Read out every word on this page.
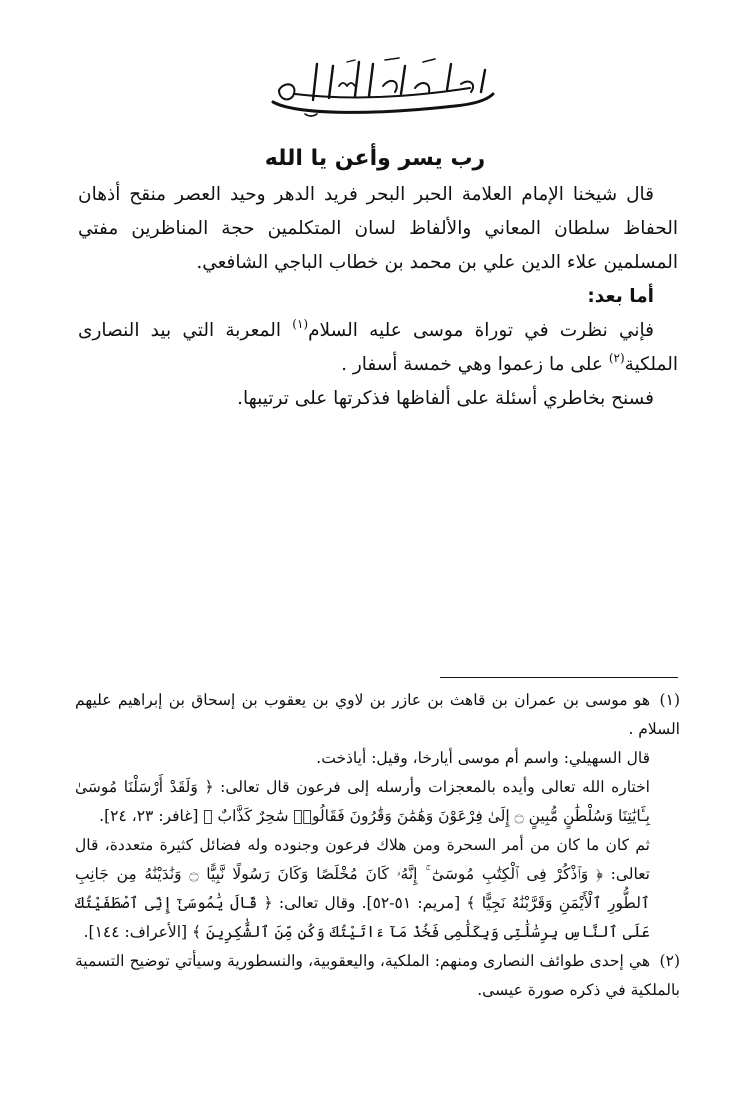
رب يسر وأعن يا الله

قال شيخنا الإمام العلامة الحبر البحر فريد الدهر وحيد العصر منقح أذهان الحفاظ سلطان المعاني والألفاظ لسان المتكلمين حجة المناظرين مفتي المسلمين علاء الدين علي بن محمد بن خطاب الباجي الشافعي.

أما بعد:

فإني نظرت في توراة موسى عليه السلام$^{(١)}$ المعربة التي بيد النصارى الملكية$^{(٢)}$ على ما زعموا وهي خمسة أسفار .

فسنح بخاطري أسئلة على ألفاظها فذكرتها على ترتيبها.

(١)هو موسى بن عمران بن قاهث بن عازر بن لاوي بن يعقوب بن إسحاق بن إبراهيم عليهم السلام .

قال السهيلي: واسم أم موسى أيارخا، وقيل: أياذخت.

اختاره الله تعالى وأيده بالمعجزات وأرسله إلى فرعون قال تعالى: ﴿ وَلَقَدْ أَرْسَلْنَا مُوسَىٰ بِـَٔايَٰتِنَا وَسُلْطَٰنٍ مُّبِينٍ ۝ إِلَىٰ فِرْعَوْنَ وَهَٰمَٰنَ وَقَٰرُونَ فَقَالُوا۟ سَٰحِرٌ كَذَّابٌ ﴾ [غافر: ٢٣، ٢٤].

ثم كان ما كان من أمر السحرة ومن هلاك فرعون وجنوده وله فضائل كثيرة متعددة، قال تعالى: ﴿ وَٱذْكُرْ فِى ٱلْكِتَٰبِ مُوسَىٰٓ ۚ إِنَّهُۥ كَانَ مُخْلَصًا وَكَانَ رَسُولًا نَّبِيًّا ۝ وَنَٰدَيْنَٰهُ مِن جَانِبِ ٱلطُّورِ ٱلْأَيْمَنِ وَقَرَّبْنَٰهُ نَجِيًّا ﴾ [مريم: ٥١-٥٢]. وقال تعالى: ﴿ قَالَ يَٰمُوسَىٰٓ إِنِّى ٱصْطَفَيْتُكَ عَلَى ٱلنَّاسِ بِرِسَٰلَٰتِى وَبِكَلَٰمِى فَخُذْ مَآ ءَاتَيْتُكَ وَكُن مِّنَ ٱلشَّٰكِرِينَ ﴾ [الأعراف: ١٤٤].

(٢)هي إحدى طوائف النصارى ومنهم: الملكية، واليعقوبية، والنسطورية وسيأتي توضيح التسمية بالملكية في ذكره صورة عيسى.
